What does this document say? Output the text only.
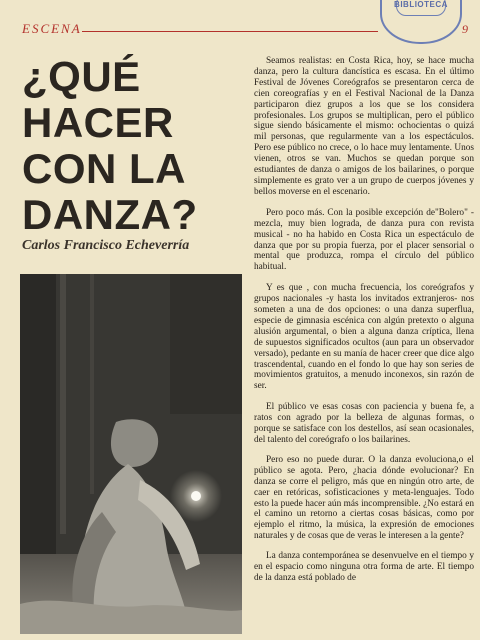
ESCENA	9
BIBLIOTECA
¿QUÉ
HACER
CON LA
DANZA?
Carlos Francisco Echeverría

Seamos realistas: en Costa Rica, hoy, se hace mucha danza, pero la cultura dancística es escasa. En el último Festival de Jóvenes Coreógrafos se presentaron cerca de cien coreografías y en el Festival Nacional de la Danza participaron diez grupos a los que se los considera profesionales. Los grupos se multiplican, pero el público sigue siendo básicamente el mismo: ochocientas o quizá mil personas, que regularmente van a los espectáculos. Pero ese público no crece, o lo hace muy lentamente. Unos vienen, otros se van. Muchos se quedan porque son estudiantes de danza o amigos de los bailarines, o porque simplemente es grato ver a un grupo de cuerpos jóvenes y bellos moverse en el escenario.

Pero poco más. Con la posible excepción de"Bolero" -mezcla, muy bien lograda, de danza pura con revista musical - no ha habido en Costa Rica un espectáculo de danza que por su propia fuerza, por el placer sensorial o mental que produzca, rompa el círculo del público habitual.

Y es que , con mucha frecuencia, los coreógrafos y grupos nacionales -y hasta los invitados extranjeros- nos someten a una de dos opciones: o una danza superflua, especie de gimnasia escénica con algún pretexto o alguna alusión argumental, o bien a alguna danza críptica, llena de supuestos significados ocultos (aun para un observador versado), pedante en su manía de hacer creer que dice algo trascendental, cuando en el fondo lo que hay son series de movimientos gratuitos, a menudo inconexos, sin razón de ser.

El público ve esas cosas con paciencia y buena fe, a ratos con agrado por la belleza de algunas formas, o porque se satisface con los destellos, así sean ocasionales, del talento del coreógrafo o los bailarines.

Pero eso no puede durar. O la danza evoluciona,o el público se agota. Pero, ¿hacia dónde evolucionar? En danza se corre el peligro, más que en ningún otro arte, de caer en retóricas, sofisticaciones y meta-lenguajes. Todo esto la puede hacer aún más incomprensible. ¿No estará en el camino un retorno a ciertas cosas básicas, como por ejemplo el ritmo, la música, la expresión de emociones naturales y de cosas que de veras le interesen a la gente?

La danza contemporánea se desenvuelve en el tiempo y en el espacio como ninguna otra forma de arte. El tiempo de la danza está poblado de
